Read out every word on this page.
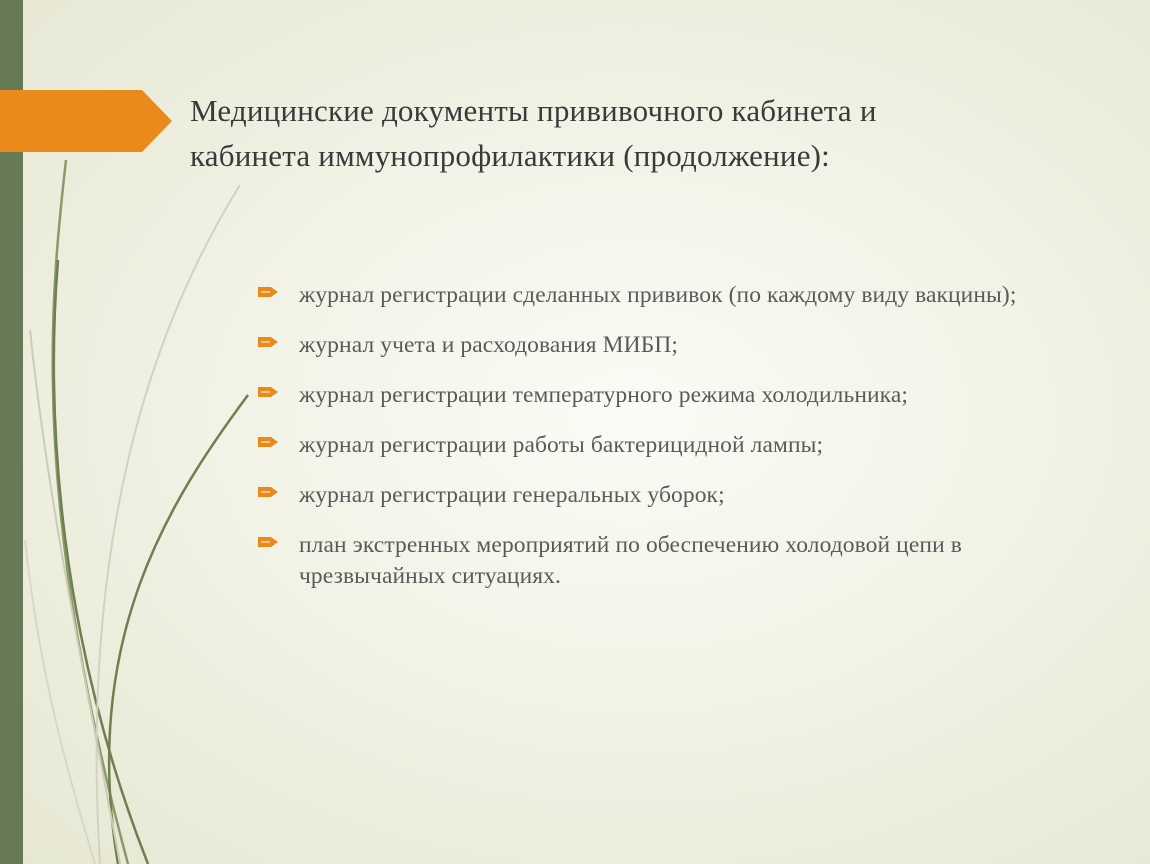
Медицинские документы прививочного кабинета и
кабинета иммунопрофилактики (продолжение):
журнал регистрации сделанных прививок (по каждому виду вакцины);
журнал учета и расходования МИБП;
журнал регистрации температурного режима холодильника;
журнал регистрации работы бактерицидной лампы;
журнал регистрации генеральных уборок;
план экстренных мероприятий по обеспечению холодовой цепи в чрезвычайных ситуациях.
